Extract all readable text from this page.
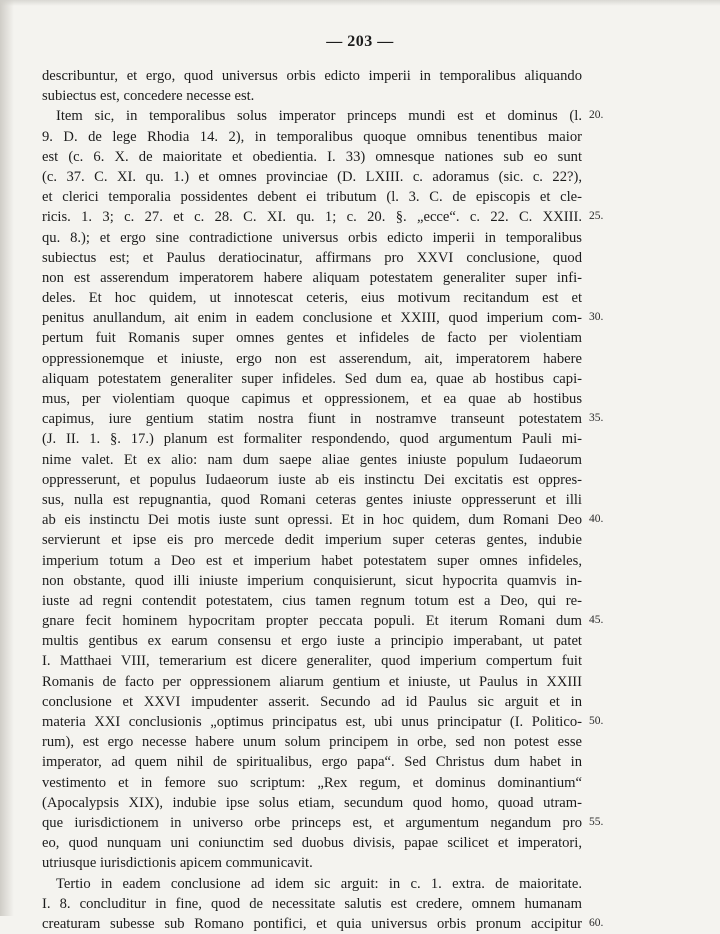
— 203 —
describuntur, et ergo, quod universus orbis edicto imperii in temporalibus aliquando
subiectus est, concedere necesse est.
Item sic, in temporalibus solus imperator princeps mundi est et dominus (l.
9. D. de lege Rhodia 14. 2), in temporalibus quoque omnibus tenentibus maior
est (c. 6. X. de maioritate et obedientia. I. 33) omnesque nationes sub eo sunt
(c. 37. C. XI. qu. 1.) et omnes provinciae (D. LXIII. c. adoramus (sic. c. 22?),
et clerici temporalia possidentes debent ei tributum (l. 3. C. de episcopis et cle-
ricis. 1. 3; c. 27. et c. 28. C. XI. qu. 1; c. 20. §. „ecce“. c. 22. C. XXIII.
qu. 8.); et ergo sine contradictione universus orbis edicto imperii in temporalibus
subiectus est; et Paulus deratiocinatur, affirmans pro XXVI conclusione, quod
non est asserendum imperatorem habere aliquam potestatem generaliter super infi-
deles. Et hoc quidem, ut innotescat ceteris, eius motivum recitandum est et
penitus anullandum, ait enim in eadem conclusione et XXIII, quod imperium com-
pertum fuit Romanis super omnes gentes et infideles de facto per violentiam
oppressionemque et iniuste, ergo non est asserendum, ait, imperatorem habere
aliquam potestatem generaliter super infideles. Sed dum ea, quae ab hostibus capi-
mus, per violentiam quoque capimus et oppressionem, et ea quae ab hostibus
capimus, iure gentium statim nostra fiunt in nostramve transeunt potestatem
(J. II. 1. §. 17.) planum est formaliter respondendo, quod argumentum Pauli mi-
nime valet. Et ex alio: nam dum saepe aliae gentes iniuste populum Iudaeorum
oppresserunt, et populus Iudaeorum iuste ab eis instinctu Dei excitatis est oppres-
sus, nulla est repugnantia, quod Romani ceteras gentes iniuste oppresserunt et illi
ab eis instinctu Dei motis iuste sunt opressi. Et in hoc quidem, dum Romani Deo
servierunt et ipse eis pro mercede dedit imperium super ceteras gentes, indubie
imperium totum a Deo est et imperium habet potestatem super omnes infideles,
non obstante, quod illi iniuste imperium conquisierunt, sicut hypocrita quamvis in-
iuste ad regni contendit potestatem, cius tamen regnum totum est a Deo, qui re-
gnare fecit hominem hypocritam propter peccata populi. Et iterum Romani dum
multis gentibus ex earum consensu et ergo iuste a principio imperabant, ut patet
I. Matthaei VIII, temerarium est dicere generaliter, quod imperium compertum fuit
Romanis de facto per oppressionem aliarum gentium et iniuste, ut Paulus in XXIII
conclusione et XXVI impudenter asserit. Secundo ad id Paulus sic arguit et in
materia XXI conclusionis „optimus principatus est, ubi unus principatur (I. Politico-
rum), est ergo necesse habere unum solum principem in orbe, sed non potest esse
imperator, ad quem nihil de spiritualibus, ergo papa“. Sed Christus dum habet in
vestimento et in femore suo scriptum: „Rex regum, et dominus dominantium“
(Apocalypsis XIX), indubie ipse solus etiam, secundum quod homo, quoad utram-
que iurisdictionem in universo orbe princeps est, et argumentum negandum pro
eo, quod nunquam uni coniunctim sed duobus divisis, papae scilicet et imperatori,
utriusque iurisdictionis apicem communicavit.
Tertio in eadem conclusione ad idem sic arguit: in c. 1. extra. de maioritate.
I. 8. concluditur in fine, quod de necessitate salutis est credere, omnem humanam
creaturam subesse sub Romano pontifici, et quia universus orbis pronum accipitur
20.
25.
30.
35.
40.
45.
50.
55.
60.
